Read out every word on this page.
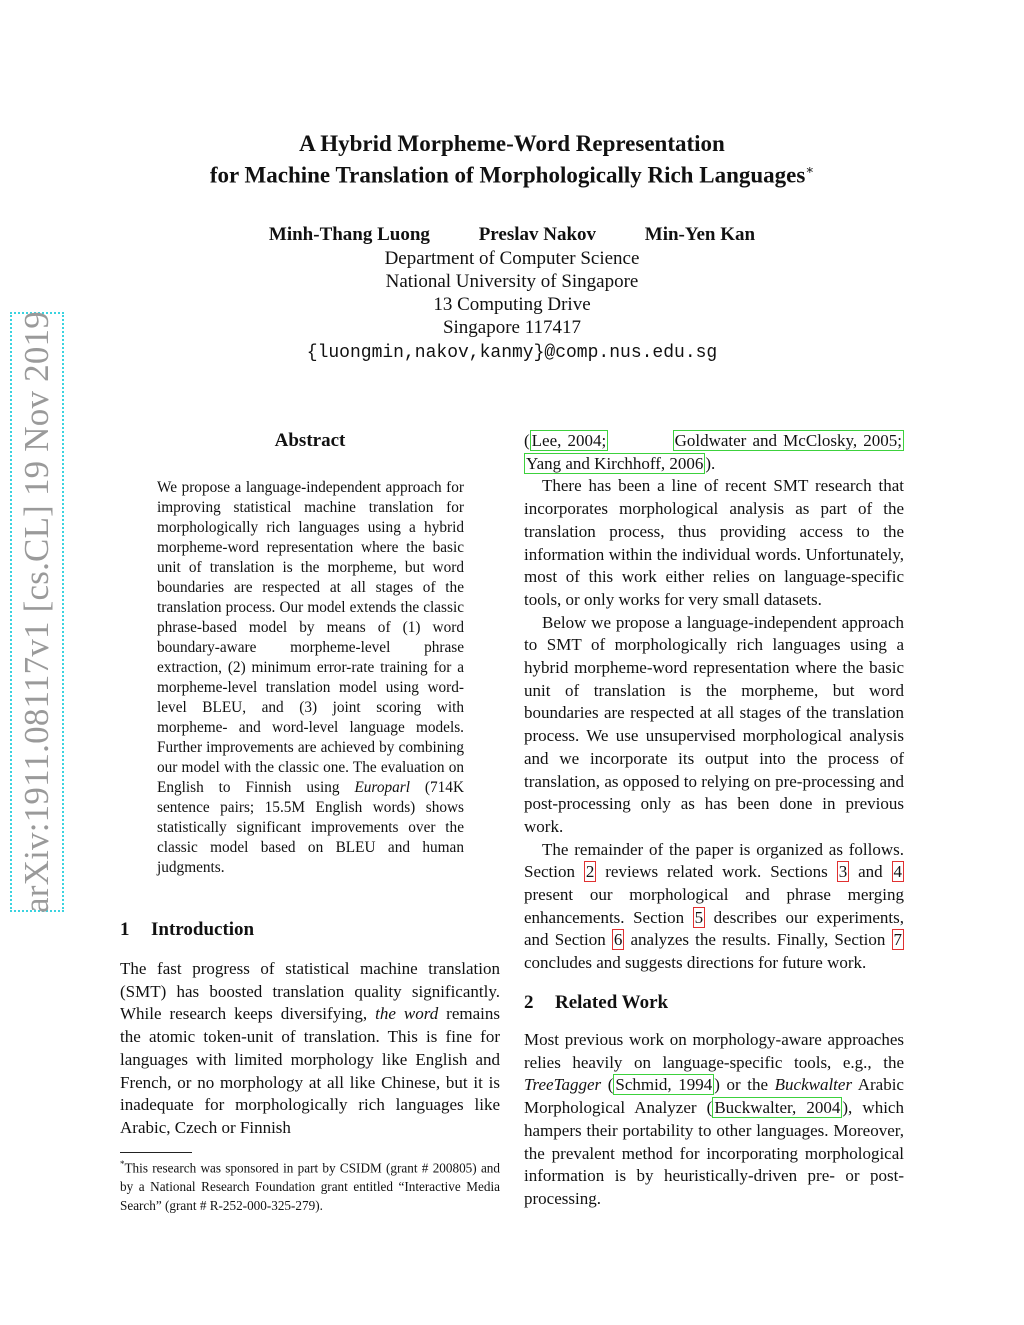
arXiv:1911.08117v1 [cs.CL] 19 Nov 2019
A Hybrid Morpheme-Word Representation
for Machine Translation of Morphologically Rich Languages∗
Minh-Thang Luong	Preslav Nakov	Min-Yen Kan
Department of Computer Science
National University of Singapore
13 Computing Drive
Singapore 117417
{luongmin,nakov,kanmy}@comp.nus.edu.sg
Abstract
We propose a language-independent approach for improving statistical machine translation for morphologically rich languages using a hybrid morpheme-word representation where the basic unit of translation is the morpheme, but word boundaries are respected at all stages of the translation process. Our model extends the classic phrase-based model by means of (1) word boundary-aware morpheme-level phrase extraction, (2) minimum error-rate training for a morpheme-level translation model using word-level BLEU, and (3) joint scoring with morpheme- and word-level language models. Further improvements are achieved by combining our model with the classic one. The evaluation on English to Finnish using Europarl (714K sentence pairs; 15.5M English words) shows statistically significant improvements over the classic model based on BLEU and human judgments.
1 Introduction

The fast progress of statistical machine translation (SMT) has boosted translation quality significantly. While research keeps diversifying, the word remains the atomic token-unit of translation. This is fine for languages with limited morphology like English and French, or no morphology at all like Chinese, but it is inadequate for morphologically rich languages like Arabic, Czech or Finnish

*This research was sponsored in part by CSIDM (grant # 200805) and by a National Research Foundation grant entitled “Interactive Media Search” (grant # R-252-000-325-279).

( Lee, 2004;	Goldwater and McClosky, 2005; Yang and Kirchhoff, 2006 ).

There has been a line of recent SMT research that incorporates morphological analysis as part of the translation process, thus providing access to the information within the individual words. Unfortunately, most of this work either relies on language-specific tools, or only works for very small datasets.

Below we propose a language-independent approach to SMT of morphologically rich languages using a hybrid morpheme-word representation where the basic unit of translation is the morpheme, but word boundaries are respected at all stages of the translation process. We use unsupervised morphological analysis and we incorporate its output into the process of translation, as opposed to relying on pre-processing and post-processing only as has been done in previous work.

The remainder of the paper is organized as follows. Section 2 reviews related work. Sections 3 and 4 present our morphological and phrase merging enhancements. Section 5 describes our experiments, and Section 6 analyzes the results. Finally, Section 7 concludes and suggests directions for future work.

2 Related Work

Most previous work on morphology-aware approaches relies heavily on language-specific tools, e.g., the TreeTagger ( Schmid, 1994 ) or the Buckwalter Arabic Morphological Analyzer ( Buckwalter, 2004 ), which hampers their portability to other languages. Moreover, the prevalent method for incorporating morphological information is by heuristically-driven pre- or post-processing.
